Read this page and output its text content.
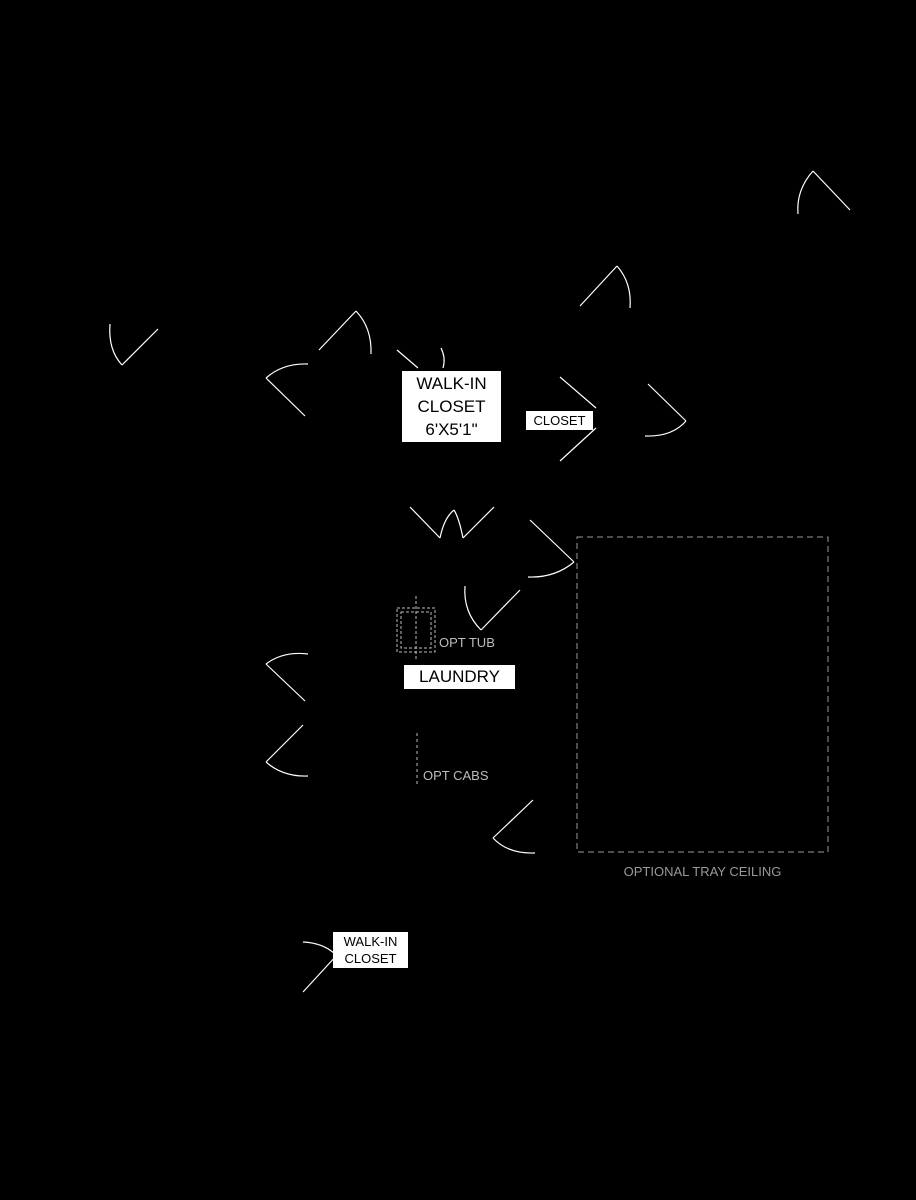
WALK-IN
CLOSET
6'X5'1"	CLOSET
OPT TUB
LAUNDRY
OPT CABS
OPTIONAL TRAY CEILING
WALK-IN
CLOSET
